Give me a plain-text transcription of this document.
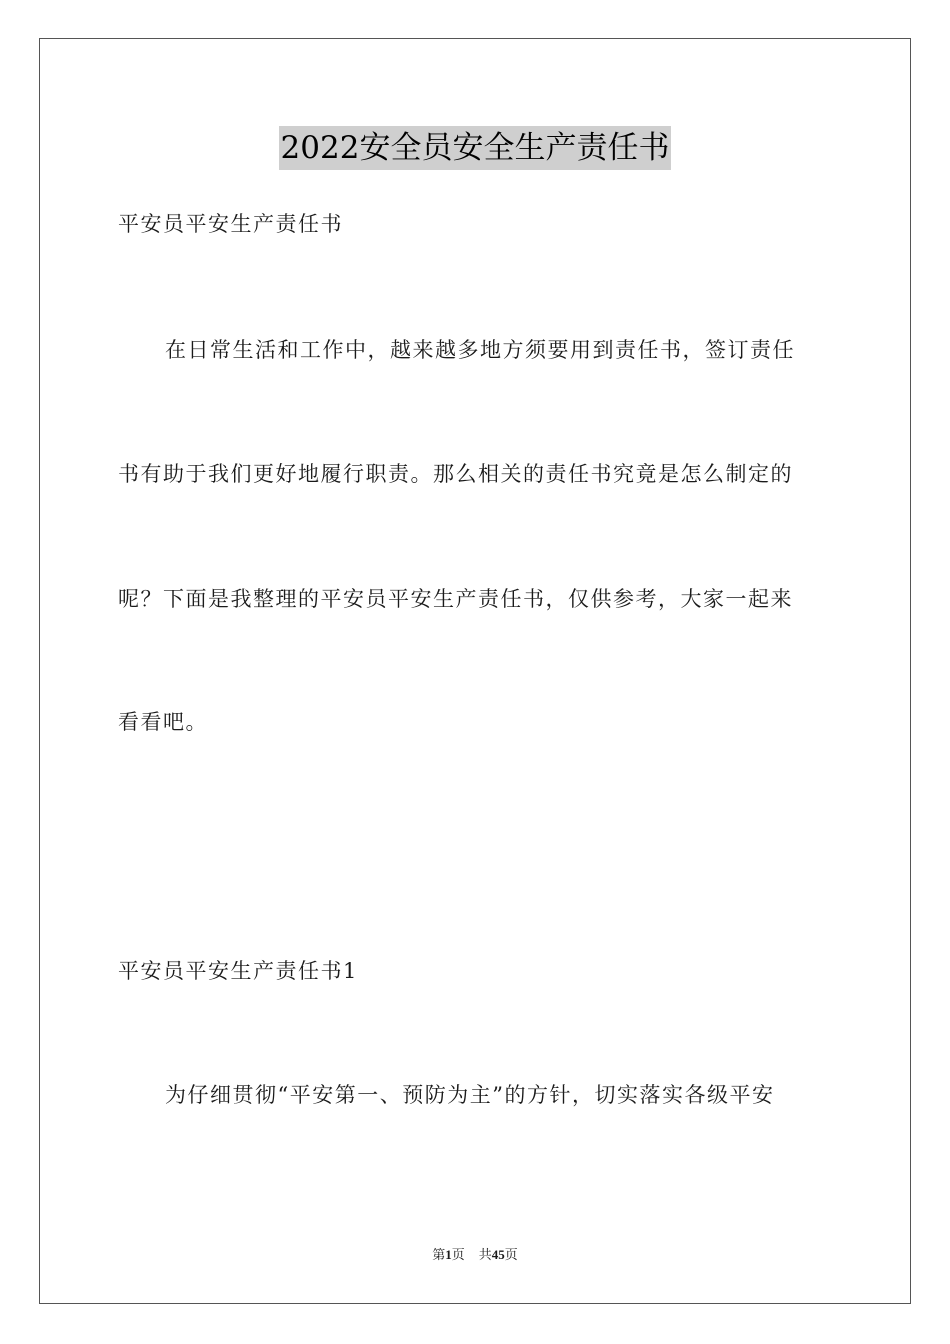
2022安全员安全生产责任书
平安员平安生产责任书
在日常生活和工作中，越来越多地方须要用到责任书，签订责任
书有助于我们更好地履行职责。那么相关的责任书究竟是怎么制定的
呢？下面是我整理的平安员平安生产责任书，仅供参考，大家一起来
看看吧。
平安员平安生产责任书1
为仔细贯彻“平安第一、预防为主”的方针，切实落实各级平安
第1页 共45页
